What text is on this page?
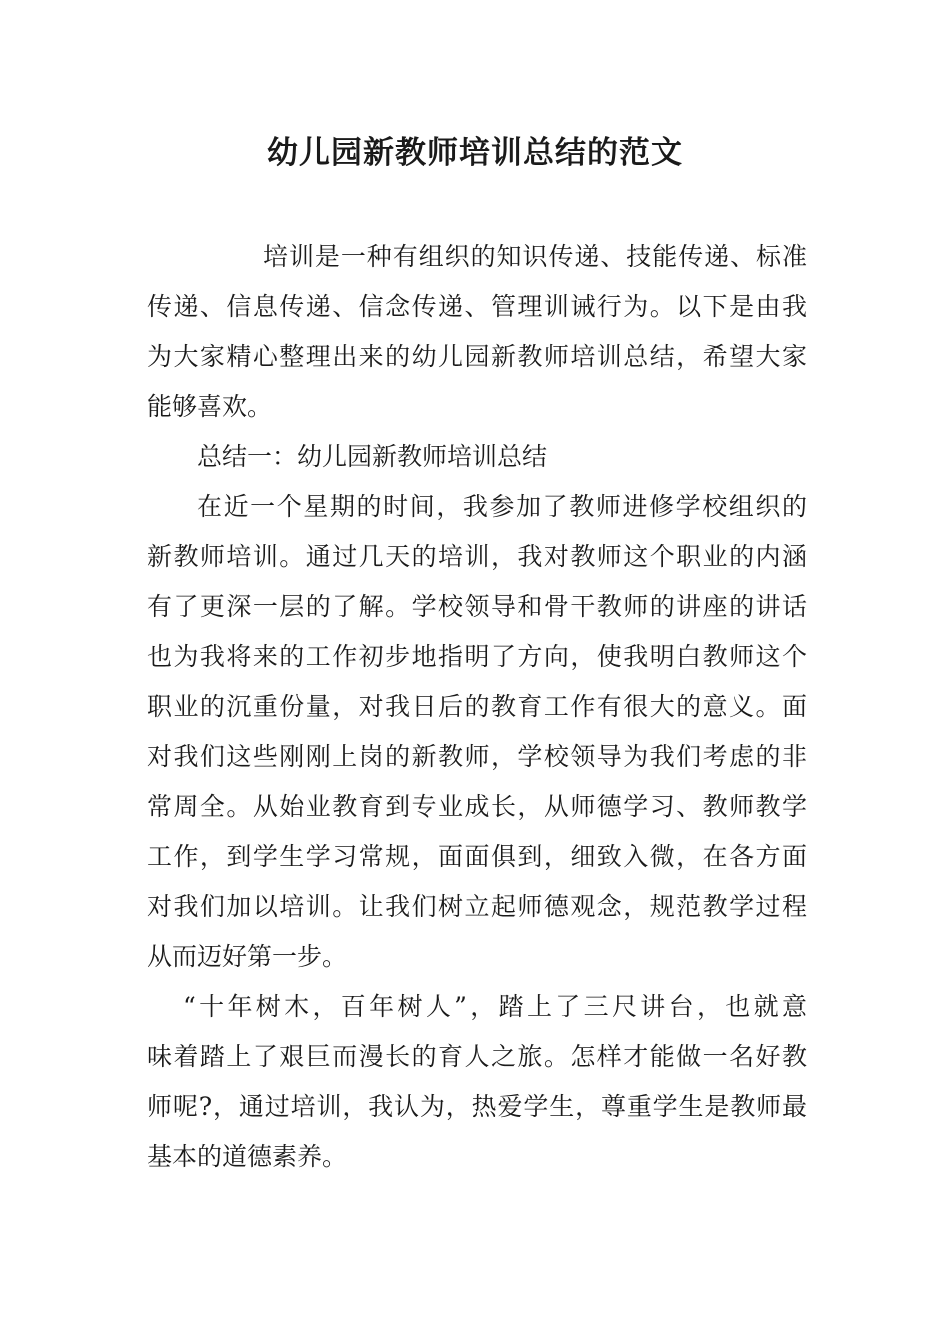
幼儿园新教师培训总结的范文

培训是一种有组织的知识传递、技能传递、标准

传递、信息传递、信念传递、管理训诫行为。以下是由我

为大家精心整理出来的幼儿园新教师培训总结，希望大家

能够喜欢。

总结一：幼儿园新教师培训总结

在近一个星期的时间，我参加了教师进修学校组织的

新教师培训。通过几天的培训，我对教师这个职业的内涵

有了更深一层的了解。学校领导和骨干教师的讲座的讲话

也为我将来的工作初步地指明了方向，使我明白教师这个

职业的沉重份量，对我日后的教育工作有很大的意义。面

对我们这些刚刚上岗的新教师，学校领导为我们考虑的非

常周全。从始业教育到专业成长，从师德学习、教师教学

工作，到学生学习常规，面面俱到，细致入微，在各方面

对我们加以培训。让我们树立起师德观念，规范教学过程

从而迈好第一步。

“十年树木，百年树人”，踏上了三尺讲台，也就意

味着踏上了艰巨而漫长的育人之旅。怎样才能做一名好教

师呢?，通过培训，我认为，热爱学生，尊重学生是教师最

基本的道德素养。
